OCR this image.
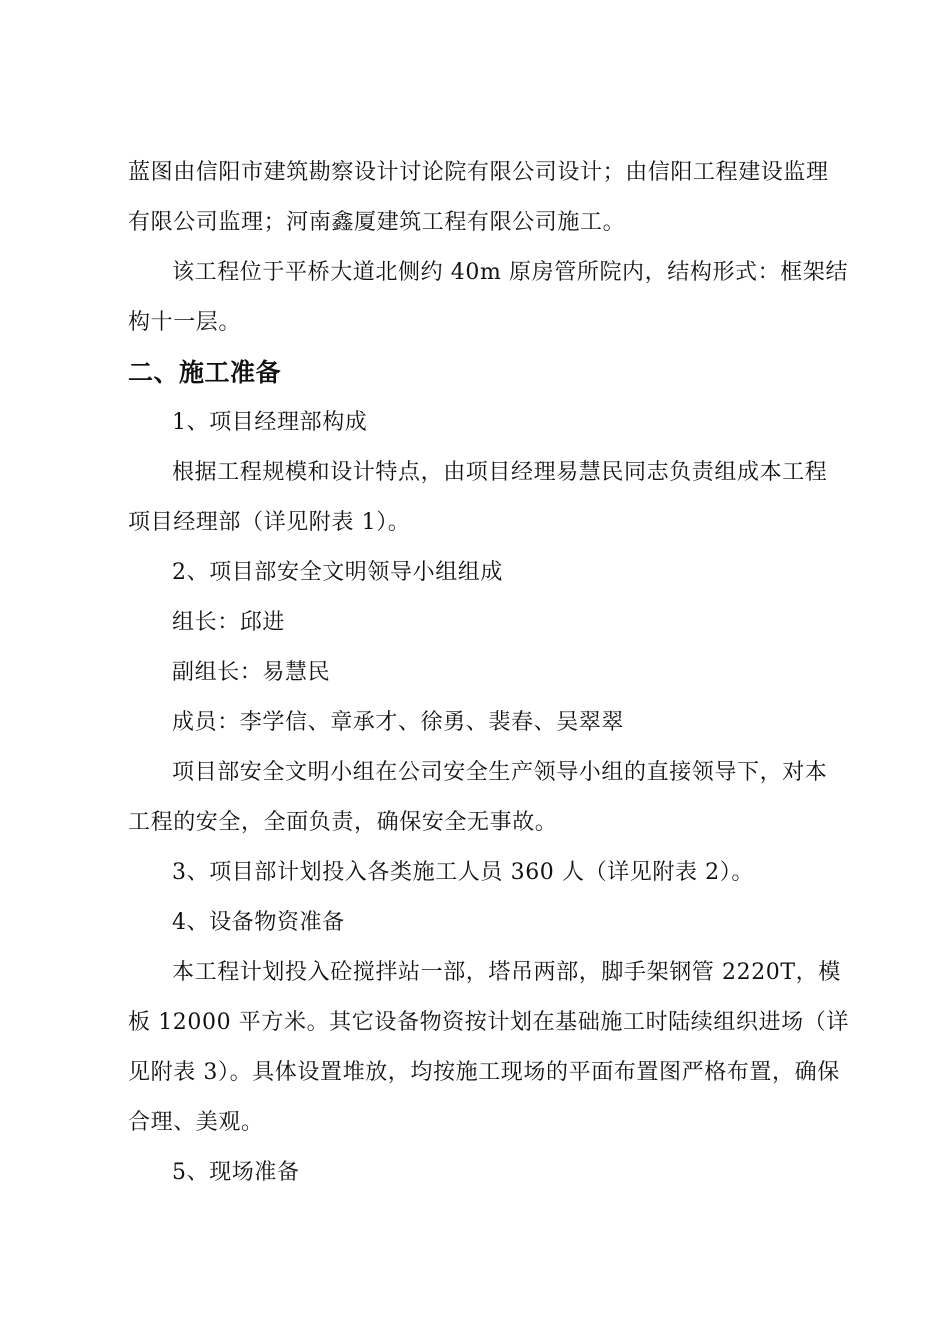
蓝图由信阳市建筑勘察设计讨论院有限公司设计；由信阳工程建设监理
有限公司监理；河南鑫厦建筑工程有限公司施工。
该工程位于平桥大道北侧约 40m 原房管所院内，结构形式：框架结
构十一层。
二、施工准备
1、项目经理部构成
根据工程规模和设计特点，由项目经理易慧民同志负责组成本工程
项目经理部（详见附表 1）。
2、项目部安全文明领导小组组成
组长：邱进
副组长：易慧民
成员：李学信、章承才、徐勇、裴春、吴翠翠
项目部安全文明小组在公司安全生产领导小组的直接领导下，对本
工程的安全，全面负责，确保安全无事故。
3、项目部计划投入各类施工人员 360 人（详见附表 2）。
4、设备物资准备
本工程计划投入砼搅拌站一部，塔吊两部，脚手架钢管 2220T，模
板 12000 平方米。其它设备物资按计划在基础施工时陆续组织进场（详
见附表 3）。具体设置堆放，均按施工现场的平面布置图严格布置，确保
合理、美观。
5、现场准备
